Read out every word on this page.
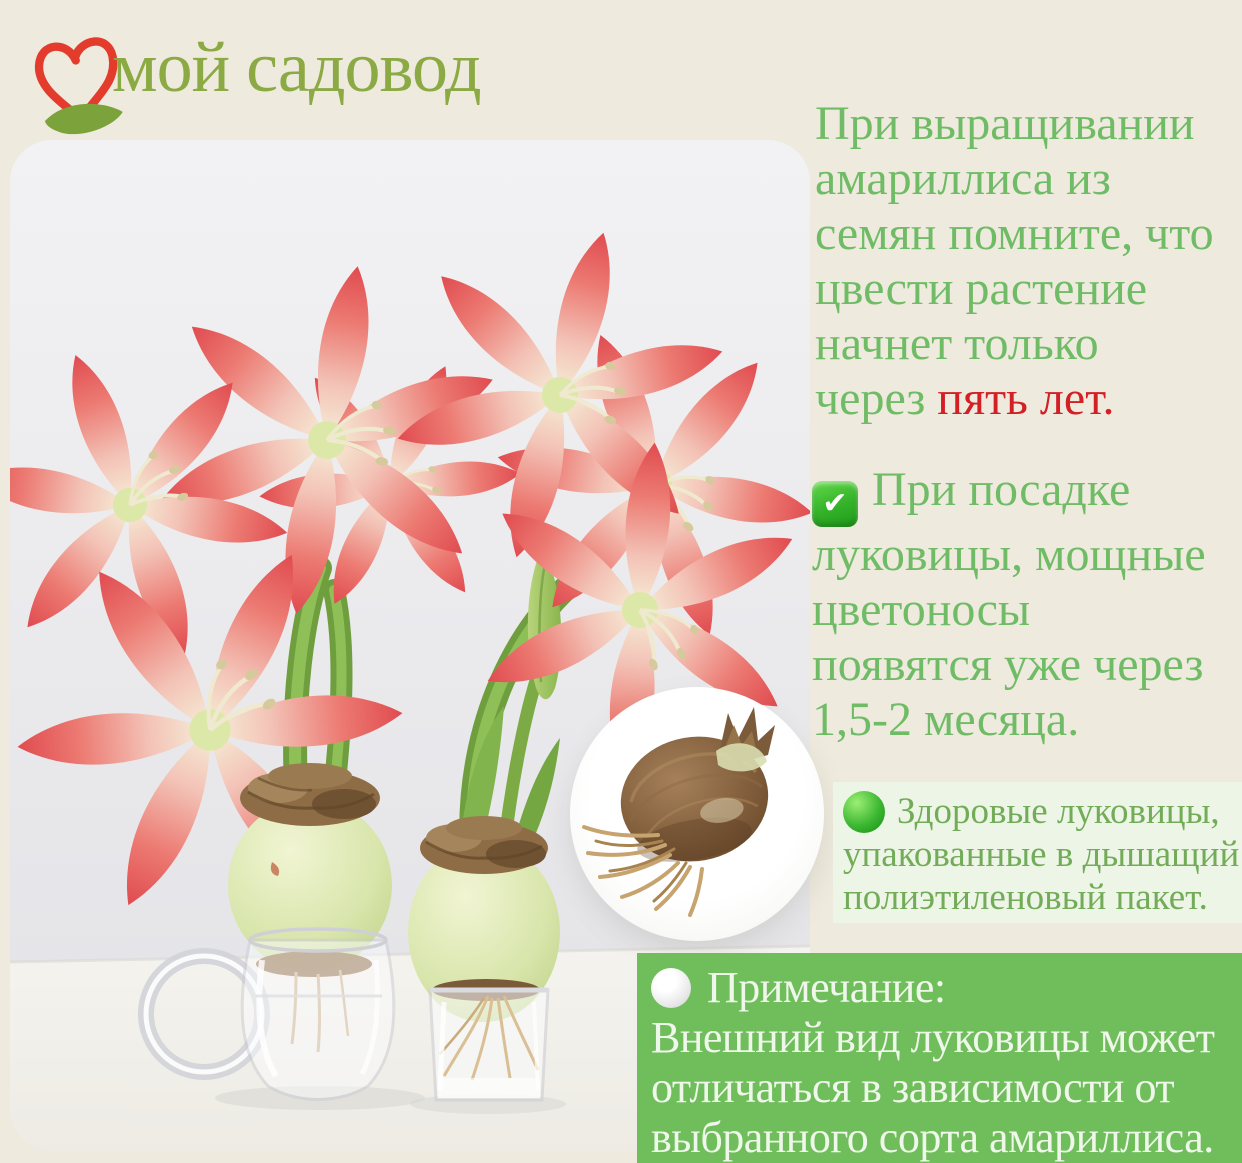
мой садовод
При выращивании
амариллиса из
семян помните, что
цвести растение
начнет только
через пять лет.
✔ При посадке
луковицы, мощные
цветоносы
появятся уже через
1,5-2 месяца.
Здоровые луковицы,
упакованные в дышащий
полиэтиленовый пакет.
Примечание:
Внешний вид луковицы может
отличаться в зависимости от
выбранного сорта амариллиса.
